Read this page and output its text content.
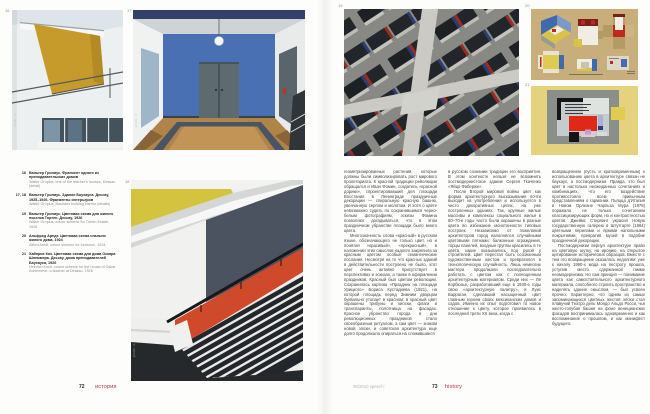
16
photo ©
17
photo ©
16 Вальтер Гропиус. Фрагмент одного из преподавательских домов
Walter Gropius, one of the teacher's houses, Dessau (detail)
17, 18 Вальтер Гропиус. Здание Баухауса. Дессау, 1925–1926. Фрагменты интерьеров
Walter Gropius, Bauhaus building interior (details)
19 Вальтер Гропиус. Цветовая схема для жилого поселка Тортен. Дессау, 1926
Walter Gropius, colour scheme for Törten Estate, 1926
20 Альфред Арндт. Цветовая схема спальни жилого дома, 1924
Alfred Arndt, colour scheme for bedroom, 1924
21 Хайнрих Кох. Цветовая схема для дома Оскара Шлеммера. Дессау, дома преподавателей Баухауса, 1926
Heinrich Koch, colour scheme for the house of Oskar Schlemmer, a teacher at Dessau, 1926
18
photo ©
72 история
19	20
21

геометризированных растений, которые должны были символизировать рост мирового пролетариата. К красной традиции революции обращался и Иван Фомин, создатель «красной дорики», спроектировавший для площади Восстания в Ленинграде праздничные декорации — спиральную красную башню, увенчанную серпом и молотом. И хотя о цвете невозможно судить по сохранившимся черно-белым фотографиям, эскизы Фомина позволяют догадываться, что в этом праздничном убранстве площади было много цвета.

Многозначность слова «красный» в русском языке, обозначающего не только цвет, но и понятия «красивый», «прекрасный», в наложении этих смыслов надолго закрепила за красным цветом особые семантические послания. Несмотря на то что красных зданий в действительности построено не было, этот цвет очень активно присутствует в перспективах и эскизах, а также в оформлении праздников. Красный был цветом революции. Сохранилась картина «Праздник на площади Урицкого» Бориса Кустодиева (1921), на которой площадь перед Зимним дворцом буквально утопает в красном: в красный цвет окрашены трибуны и киоски, флаги и транспаранты, полотнища на фасадах. Красное убранство города в дни революционных праздников стало своеобразным ритуалом, а сам цвет — знаком новой эпохи, и советская архитектура еще долго продолжала опираться на сложившиеся

в русском сознании традиции его восприятия. В этом контексте нельзя не вспомнить постмодернистское здание Сергея Ткаченко «Яйцо Фаберже».

После Второй мировой войны цвет как форма архитектурного высказывания почти выходит из употребления и используется в чисто декоративных целях, на уже построенных зданиях. Так, крупные жилые массивы и комплексы социального жилья в 60–70-е годы часто были окрашены в разные цвета во избежание монотонности типовых построек. Независимо от пожеланий архитекторов город наполнялся случайными цветовыми пятнами: балконные ограждения, торцы панелей, входные группы красились в те цвета, какие оказывались под рукой у строителей. Цвет перестал быть осознанным художественным жестом и превратился в технологическую случайность. Лишь немногие мастера продолжали последовательно работать с цветом как с полноценным архитектурным материалом. Среди них — Ле Корбюзье, разработавший еще в 1930-е годы свою «архитектурную палитру», и Луис Барраган, сделавший насыщенный цвет главным героем своих мексиканских домов и садов. Именно их опыт подготовил то новое отношение к цвету, которое проявилось в последней трети XX века, когда с

возвращением (пусть и кратковременным) к использованию цвета в архитектуре связан не баухаус, а постмодернизм. Правда, это был цвет в настолько неожиданных сочетаниях и комбинациях, что его воздействие противостояло всем привычным представлениям о гармонии. Пьяцца д'Италия в Новом Орлеане Чарльза Мура (1978) поражала не только сочетанием классицизирующих форм, но и контрастностью цветов. Джеймс Стирлинг украсил Новую государственную галерею в Штутгарте (1984) цветными перилами и яркими напольными покрытиями, превратив музей в подобие праздничной декорации.

Постмодернизм вернул архитектуре право на цветовую шутку, на иронию, на открытое цитирование исторических образцов. Вместе с тем это возвращение оказалось недолгим: уже к началу 1990-х мода на пестроту прошла, уступив место сдержанной гамме неомодернизма. Но сам принцип — понимание цвета как самостоятельного архитектурного материала, способного строить пространство и наделять здание смыслом, — был усвоен прочно. Характерно, что одним из самых запоминающихся цветных жестов эпохи стал плавучий Театро дель Мондо Альдо Росси, чья желто-голубая башня на фоне венецианских фасадов воспринималась одновременно и как воспоминание о прошлом, и как манифест будущего.

06/2010 speech:	73 history
